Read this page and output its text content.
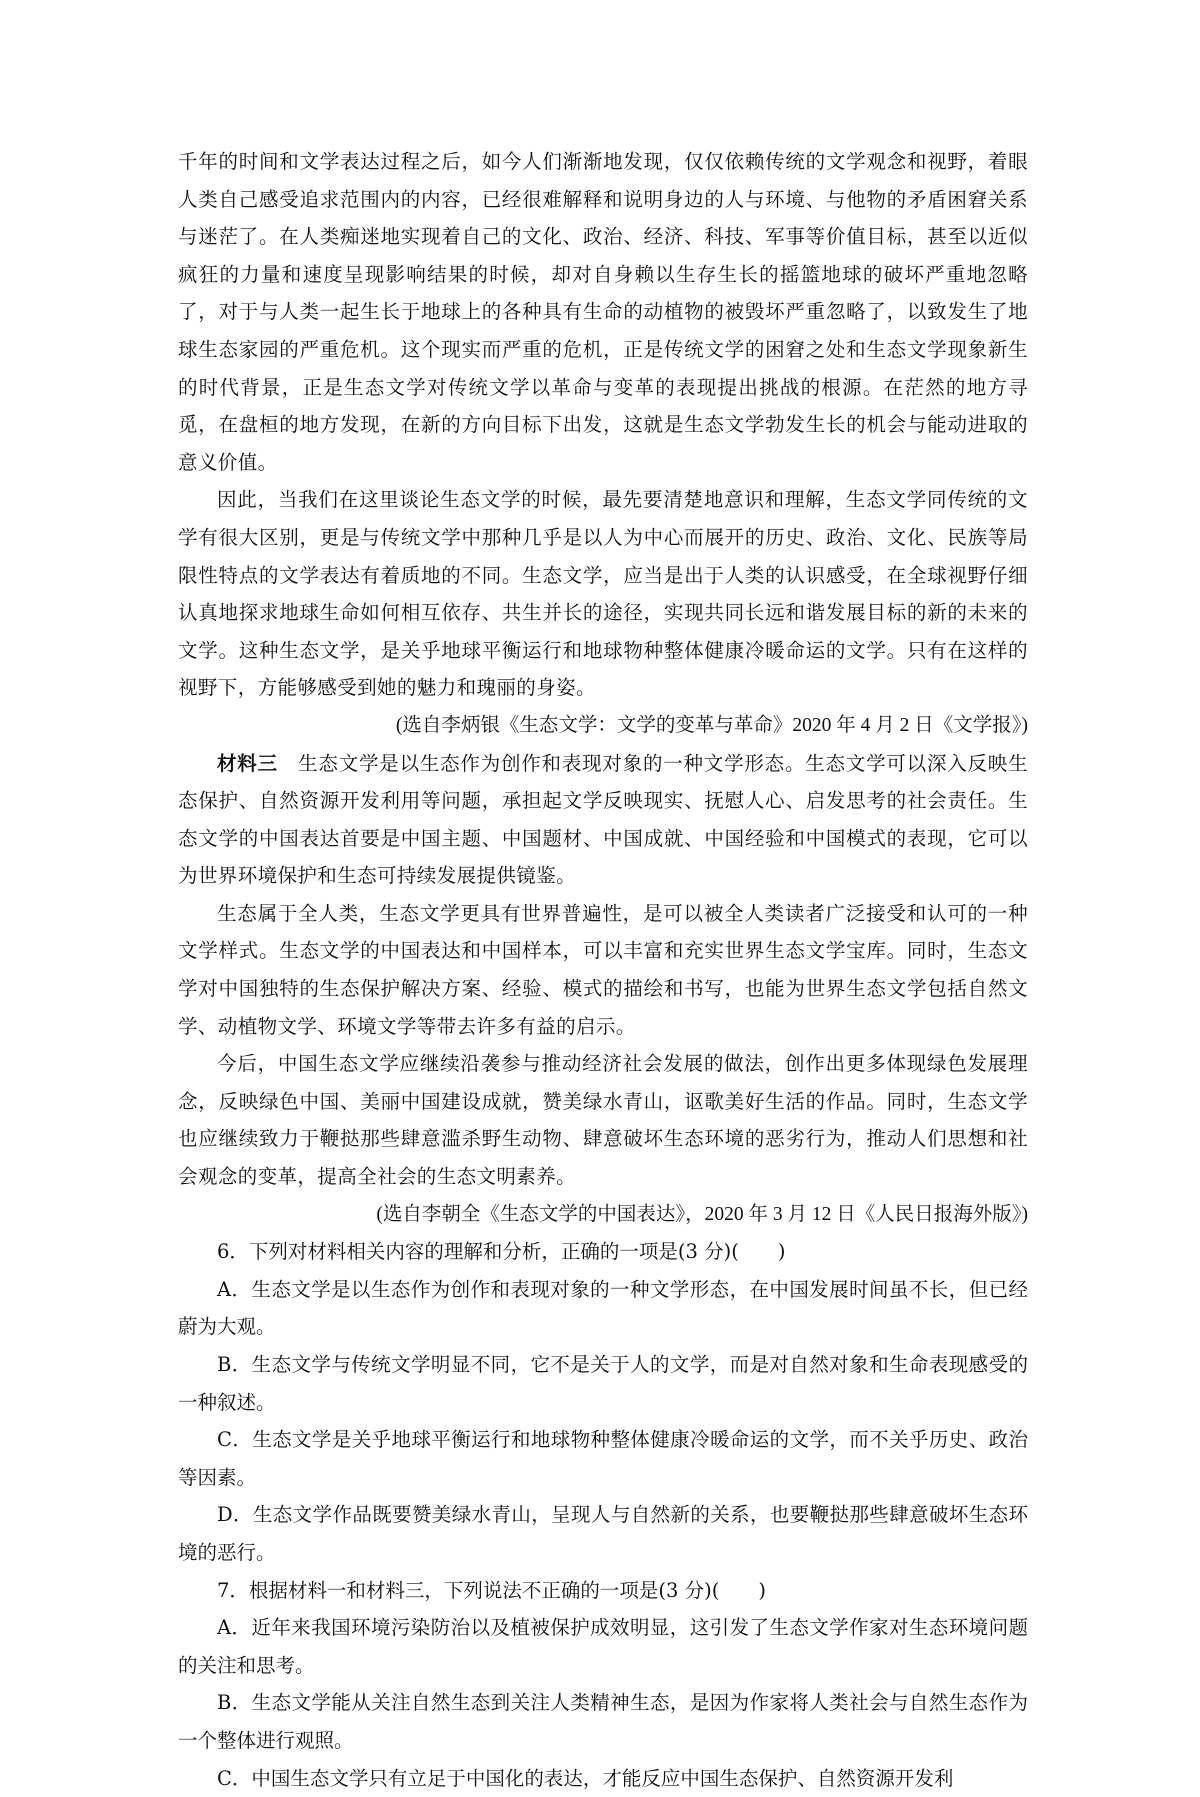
千年的时间和文学表达过程之后，如今人们渐渐地发现，仅仅依赖传统的文学观念和视野，着眼人类自己感受追求范围内的内容，已经很难解释和说明身边的人与环境、与他物的矛盾困窘关系与迷茫了。在人类痴迷地实现着自己的文化、政治、经济、科技、军事等价值目标，甚至以近似疯狂的力量和速度呈现影响结果的时候，却对自身赖以生存生长的摇篮地球的破坏严重地忽略了，对于与人类一起生长于地球上的各种具有生命的动植物的被毁坏严重忽略了，以致发生了地球生态家园的严重危机。这个现实而严重的危机，正是传统文学的困窘之处和生态文学现象新生的时代背景，正是生态文学对传统文学以革命与变革的表现提出挑战的根源。在茫然的地方寻觅，在盘桓的地方发现，在新的方向目标下出发，这就是生态文学勃发生长的机会与能动进取的意义价值。

因此，当我们在这里谈论生态文学的时候，最先要清楚地意识和理解，生态文学同传统的文学有很大区别，更是与传统文学中那种几乎是以人为中心而展开的历史、政治、文化、民族等局限性特点的文学表达有着质地的不同。生态文学，应当是出于人类的认识感受，在全球视野仔细认真地探求地球生命如何相互依存、共生并长的途径，实现共同长远和谐发展目标的新的未来的文学。这种生态文学，是关乎地球平衡运行和地球物种整体健康冷暖命运的文学。只有在这样的视野下，方能够感受到她的魅力和瑰丽的身姿。

(选自李炳银《生态文学：文学的变革与革命》2020 年 4 月 2 日《文学报》)

材料三　生态文学是以生态作为创作和表现对象的一种文学形态。生态文学可以深入反映生态保护、自然资源开发利用等问题，承担起文学反映现实、抚慰人心、启发思考的社会责任。生态文学的中国表达首要是中国主题、中国题材、中国成就、中国经验和中国模式的表现，它可以为世界环境保护和生态可持续发展提供镜鉴。

生态属于全人类，生态文学更具有世界普遍性，是可以被全人类读者广泛接受和认可的一种文学样式。生态文学的中国表达和中国样本，可以丰富和充实世界生态文学宝库。同时，生态文学对中国独特的生态保护解决方案、经验、模式的描绘和书写，也能为世界生态文学包括自然文学、动植物文学、环境文学等带去许多有益的启示。

今后，中国生态文学应继续沿袭参与推动经济社会发展的做法，创作出更多体现绿色发展理念，反映绿色中国、美丽中国建设成就，赞美绿水青山，讴歌美好生活的作品。同时，生态文学也应继续致力于鞭挞那些肆意滥杀野生动物、肆意破坏生态环境的恶劣行为，推动人们思想和社会观念的变革，提高全社会的生态文明素养。

(选自李朝全《生态文学的中国表达》，2020 年 3 月 12 日《人民日报海外版》)

6．下列对材料相关内容的理解和分析，正确的一项是(3 分)(　　)

A．生态文学是以生态作为创作和表现对象的一种文学形态，在中国发展时间虽不长，但已经蔚为大观。

B．生态文学与传统文学明显不同，它不是关于人的文学，而是对自然对象和生命表现感受的一种叙述。

C．生态文学是关乎地球平衡运行和地球物种整体健康冷暖命运的文学，而不关乎历史、政治等因素。

D．生态文学作品既要赞美绿水青山，呈现人与自然新的关系，也要鞭挞那些肆意破坏生态环境的恶行。

7．根据材料一和材料三，下列说法不正确的一项是(3 分)(　　)

A．近年来我国环境污染防治以及植被保护成效明显，这引发了生态文学作家对生态环境问题的关注和思考。

B．生态文学能从关注自然生态到关注人类精神生态，是因为作家将人类社会与自然生态作为一个整体进行观照。

C．中国生态文学只有立足于中国化的表达，才能反应中国生态保护、自然资源开发利
